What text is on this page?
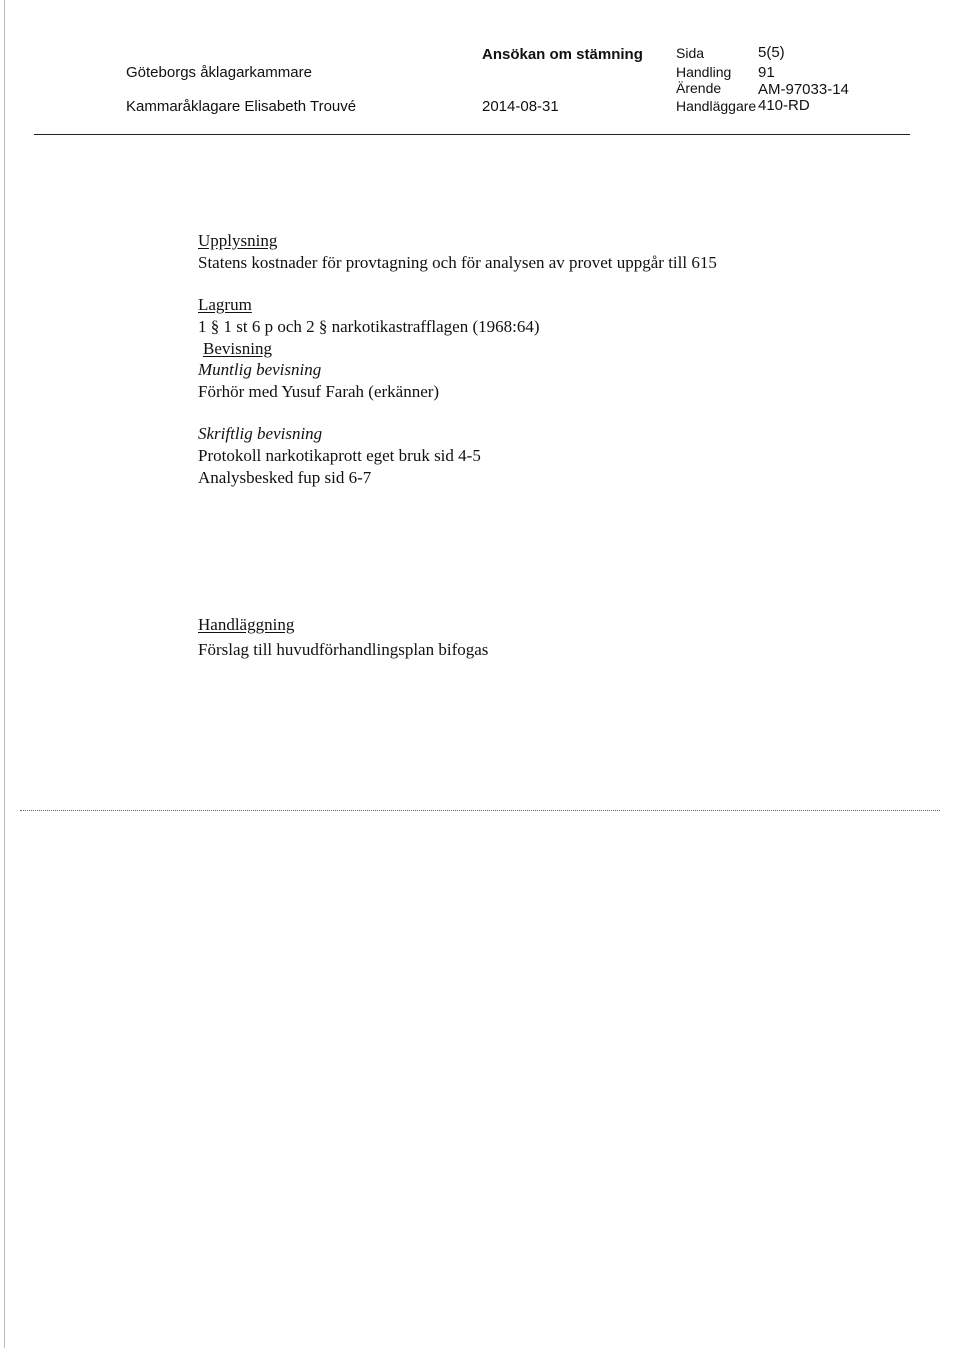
Göteborgs åklagarkammare
Kammaråklagare Elisabeth Trouvé
Ansökan om stämning
2014-08-31
Sida	5(5)
Handling 91
Ärende AM-97033-14
Handläggare 410-RD
Upplysning
Statens kostnader för provtagning och för analysen av provet uppgår till 615
Lagrum
1 § 1 st 6 p och 2 § narkotikastrafflagen (1968:64)
Bevisning
Muntlig bevisning
Förhör med Yusuf Farah (erkänner)
Skriftlig bevisning
Protokoll narkotikaprott eget bruk sid 4-5
Analysbesked fup sid 6-7
Handläggning
Förslag till huvudförhandlingsplan bifogas
